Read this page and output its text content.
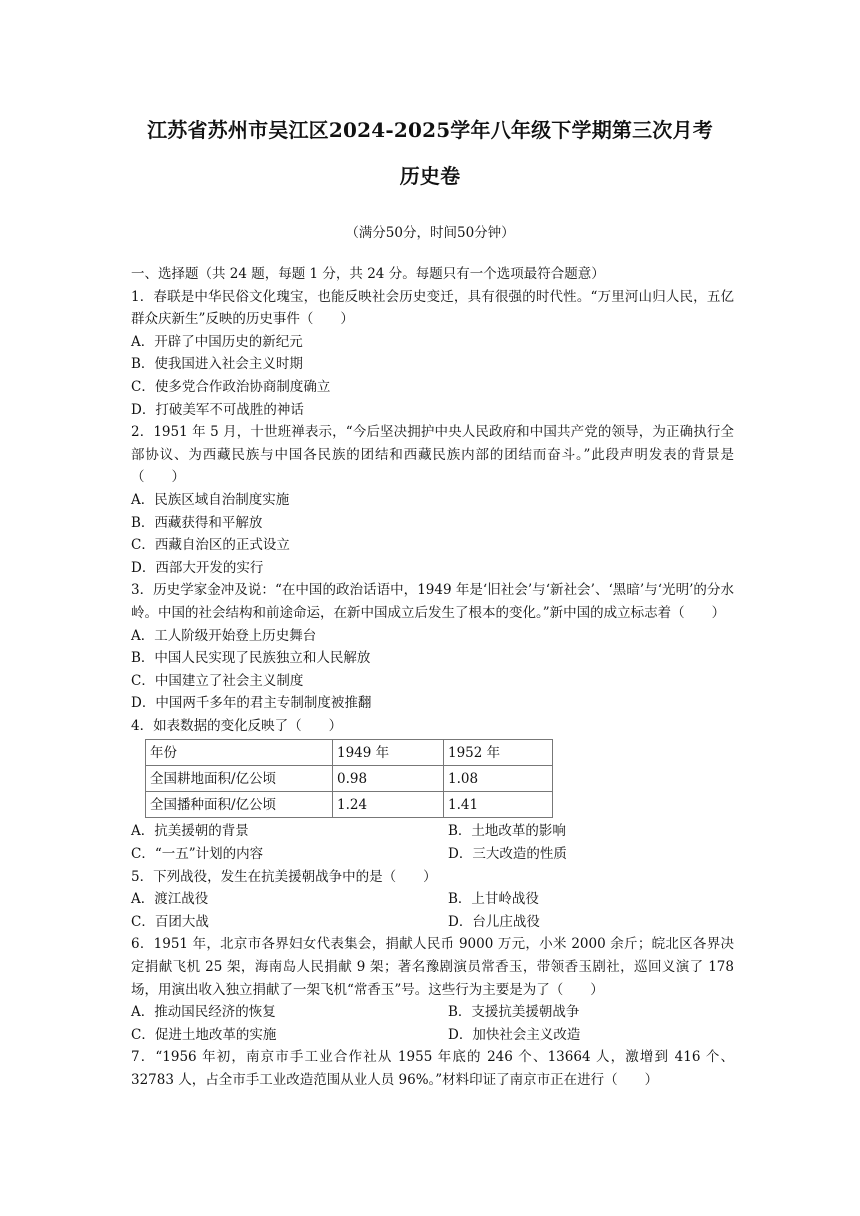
江苏省苏州市吴江区2024-2025学年八年级下学期第三次月考
历史卷
（满分50分，时间50分钟）
一、选择题（共 24 题，每题 1 分，共 24 分。每题只有一个选项最符合题意）
1．春联是中华民俗文化瑰宝，也能反映社会历史变迁，具有很强的时代性。“万里河山归人民，五亿群众庆新生”反映的历史事件（　　）
A．开辟了中国历史的新纪元
B．使我国进入社会主义时期
C．使多党合作政治协商制度确立
D．打破美军不可战胜的神话
2．1951 年 5 月，十世班禅表示，“今后坚决拥护中央人民政府和中国共产党的领导，为正确执行全部协议、为西藏民族与中国各民族的团结和西藏民族内部的团结而奋斗。”此段声明发表的背景是（　　）
A．民族区域自治制度实施
B．西藏获得和平解放
C．西藏自治区的正式设立
D．西部大开发的实行
3．历史学家金冲及说：“在中国的政治话语中，1949 年是‘旧社会’与‘新社会’、‘黑暗’与‘光明’的分水岭。中国的社会结构和前途命运，在新中国成立后发生了根本的变化。”新中国的成立标志着（　　）
A．工人阶级开始登上历史舞台
B．中国人民实现了民族独立和人民解放
C．中国建立了社会主义制度
D．中国两千多年的君主专制制度被推翻
4．如表数据的变化反映了（　　）
年份	1949 年	1952 年
全国耕地面积/亿公顷	0.98	1.08
全国播种面积/亿公顷	1.24	1.41
A．抗美援朝的背景	B．土地改革的影响
C．“一五”计划的内容	D．三大改造的性质
5．下列战役，发生在抗美援朝战争中的是（　　）
A．渡江战役	B．上甘岭战役
C．百团大战	D．台儿庄战役
6．1951 年，北京市各界妇女代表集会，捐献人民币 9000 万元，小米 2000 余斤；皖北区各界决定捐献飞机 25 架，海南岛人民捐献 9 架；著名豫剧演员常香玉，带领香玉剧社，巡回义演了 178 场，用演出收入独立捐献了一架飞机“常香玉”号。这些行为主要是为了（　　）
A．推动国民经济的恢复	B．支援抗美援朝战争
C．促进土地改革的实施	D．加快社会主义改造
7．“1956 年初，南京市手工业合作社从 1955 年底的 246 个、13664 人，激增到 416 个、32783 人，占全市手工业改造范围从业人员 96%。”材料印证了南京市正在进行（　　）
